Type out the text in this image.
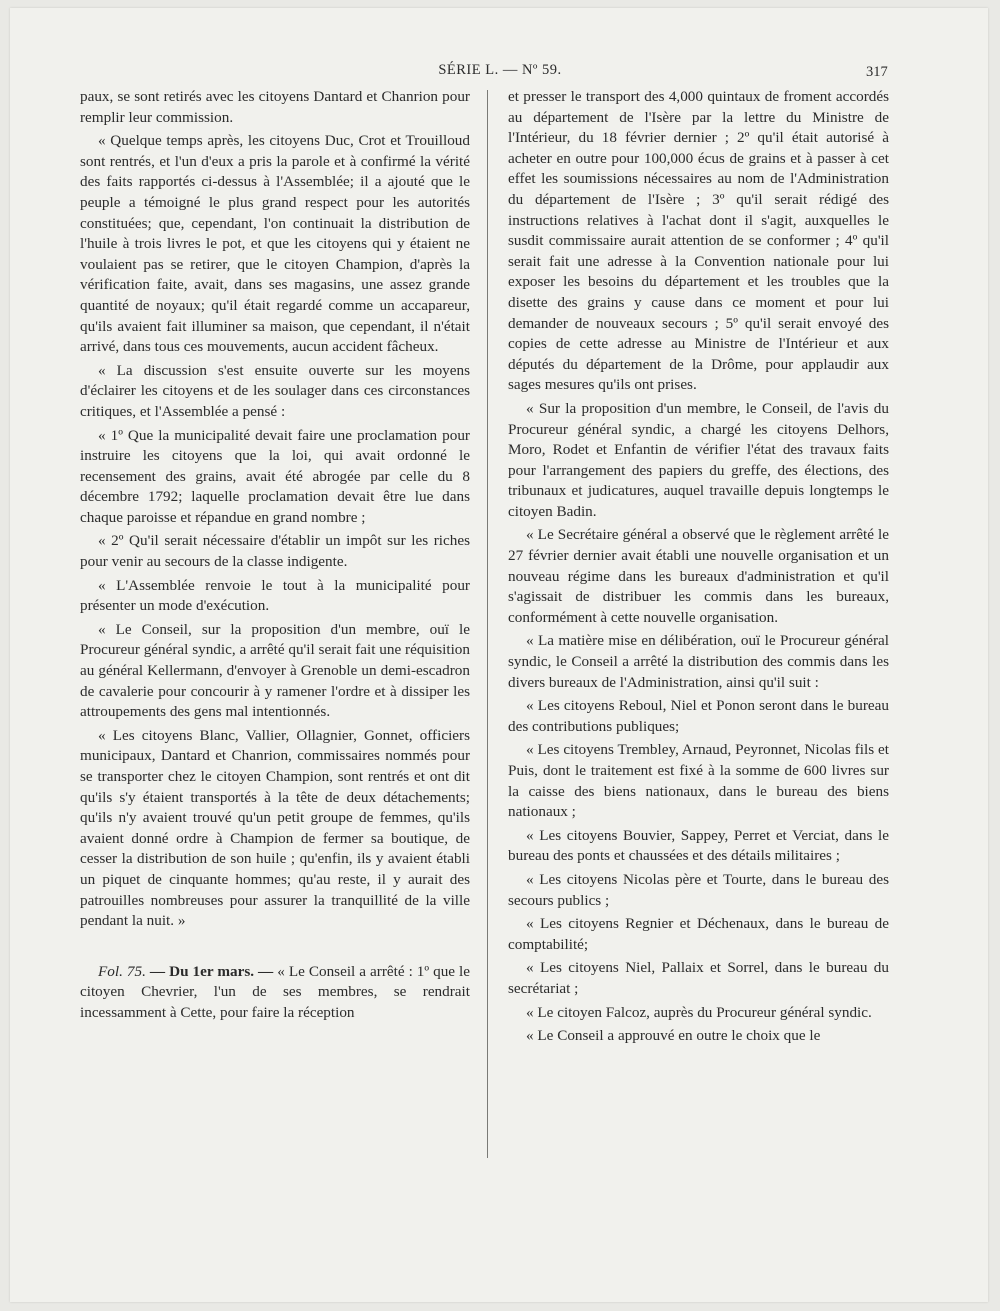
SÉRIE L. — Nº 59.	317

paux, se sont retirés avec les citoyens Dantard et Chanrion pour remplir leur commission.

« Quelque temps après, les citoyens Duc, Crot et Trouilloud sont rentrés, et l'un d'eux a pris la parole et à confirmé la vérité des faits rapportés ci-dessus à l'Assemblée; il a ajouté que le peuple a témoigné le plus grand respect pour les autorités constituées; que, cependant, l'on continuait la distribution de l'huile à trois livres le pot, et que les citoyens qui y étaient ne voulaient pas se retirer, que le citoyen Champion, d'après la vérification faite, avait, dans ses magasins, une assez grande quantité de noyaux; qu'il était regardé comme un accapareur, qu'ils avaient fait illuminer sa maison, que cependant, il n'était arrivé, dans tous ces mouvements, aucun accident fâcheux.

« La discussion s'est ensuite ouverte sur les moyens d'éclairer les citoyens et de les soulager dans ces circonstances critiques, et l'Assemblée a pensé :

« 1º Que la municipalité devait faire une proclamation pour instruire les citoyens que la loi, qui avait ordonné le recensement des grains, avait été abrogée par celle du 8 décembre 1792; laquelle proclamation devait être lue dans chaque paroisse et répandue en grand nombre ;

« 2º Qu'il serait nécessaire d'établir un impôt sur les riches pour venir au secours de la classe indigente.

« L'Assemblée renvoie le tout à la municipalité pour présenter un mode d'exécution.

« Le Conseil, sur la proposition d'un membre, ouï le Procureur général syndic, a arrêté qu'il serait fait une réquisition au général Kellermann, d'envoyer à Grenoble un demi-escadron de cavalerie pour concourir à y ramener l'ordre et à dissiper les attroupements des gens mal intentionnés.

« Les citoyens Blanc, Vallier, Ollagnier, Gonnet, officiers municipaux, Dantard et Chanrion, commissaires nommés pour se transporter chez le citoyen Champion, sont rentrés et ont dit qu'ils s'y étaient transportés à la tête de deux détachements; qu'ils n'y avaient trouvé qu'un petit groupe de femmes, qu'ils avaient donné ordre à Champion de fermer sa boutique, de cesser la distribution de son huile ; qu'enfin, ils y avaient établi un piquet de cinquante hommes; qu'au reste, il y aurait des patrouilles nombreuses pour assurer la tranquillité de la ville pendant la nuit. »

Fol. 75. — Du 1er mars. — « Le Conseil a arrêté : 1º que le citoyen Chevrier, l'un de ses membres, se rendrait incessamment à Cette, pour faire la réception

et presser le transport des 4,000 quintaux de froment accordés au département de l'Isère par la lettre du Ministre de l'Intérieur, du 18 février dernier ; 2º qu'il était autorisé à acheter en outre pour 100,000 écus de grains et à passer à cet effet les soumissions nécessaires au nom de l'Administration du département de l'Isère ; 3º qu'il serait rédigé des instructions relatives à l'achat dont il s'agit, auxquelles le susdit commissaire aurait attention de se conformer ; 4º qu'il serait fait une adresse à la Convention nationale pour lui exposer les besoins du département et les troubles que la disette des grains y cause dans ce moment et pour lui demander de nouveaux secours ; 5º qu'il serait envoyé des copies de cette adresse au Ministre de l'Intérieur et aux députés du département de la Drôme, pour applaudir aux sages mesures qu'ils ont prises.

« Sur la proposition d'un membre, le Conseil, de l'avis du Procureur général syndic, a chargé les citoyens Delhors, Moro, Rodet et Enfantin de vérifier l'état des travaux faits pour l'arrangement des papiers du greffe, des élections, des tribunaux et judicatures, auquel travaille depuis longtemps le citoyen Badin.

« Le Secrétaire général a observé que le règlement arrêté le 27 février dernier avait établi une nouvelle organisation et un nouveau régime dans les bureaux d'administration et qu'il s'agissait de distribuer les commis dans les bureaux, conformément à cette nouvelle organisation.

« La matière mise en délibération, ouï le Procureur général syndic, le Conseil a arrêté la distribution des commis dans les divers bureaux de l'Administration, ainsi qu'il suit :

« Les citoyens Reboul, Niel et Ponon seront dans le bureau des contributions publiques;

« Les citoyens Trembley, Arnaud, Peyronnet, Nicolas fils et Puis, dont le traitement est fixé à la somme de 600 livres sur la caisse des biens nationaux, dans le bureau des biens nationaux ;

« Les citoyens Bouvier, Sappey, Perret et Verciat, dans le bureau des ponts et chaussées et des détails militaires ;

« Les citoyens Nicolas père et Tourte, dans le bureau des secours publics ;

« Les citoyens Regnier et Déchenaux, dans le bureau de comptabilité;

« Les citoyens Niel, Pallaix et Sorrel, dans le bureau du secrétariat ;

« Le citoyen Falcoz, auprès du Procureur général syndic.

« Le Conseil a approuvé en outre le choix que le
